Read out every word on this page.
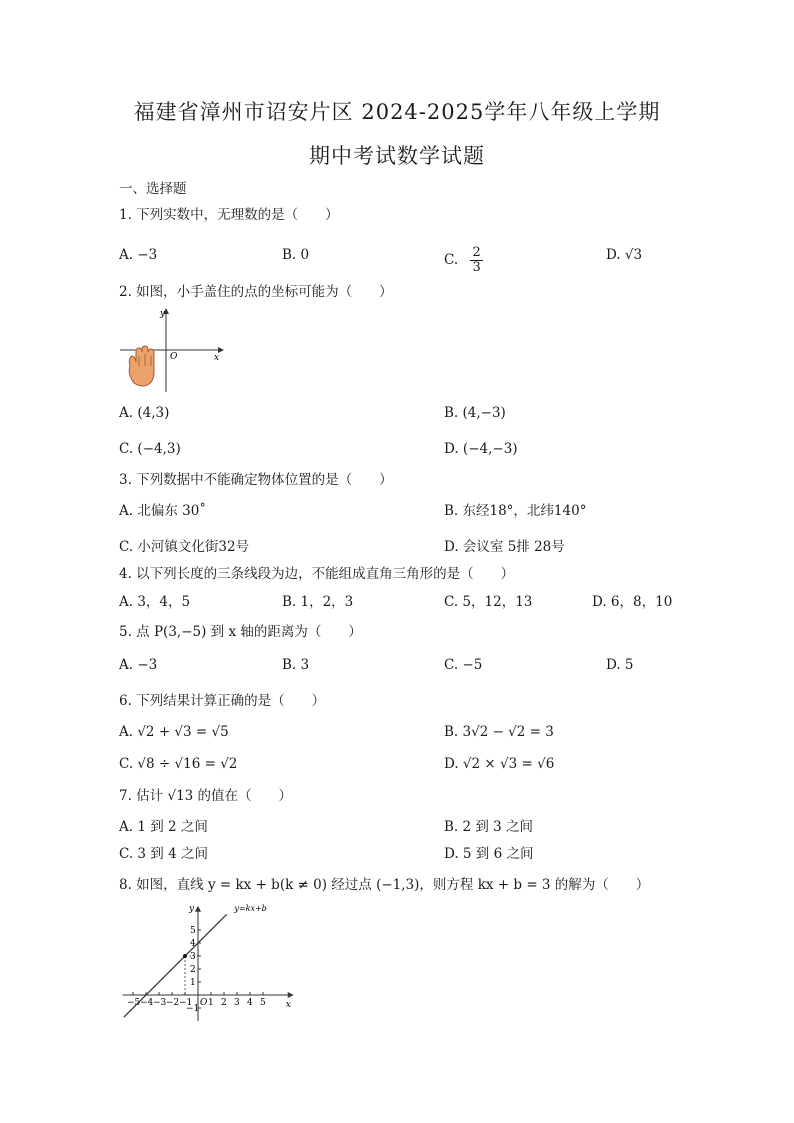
福建省漳州市诏安片区 2024-2025学年八年级上学期
期中考试数学试题
一、选择题
1. 下列实数中，无理数的是（　　）
A. −3	B. 0	C. $\frac{2}{3}$	D. √3
2. 如图，小手盖住的点的坐标可能为（　　）
y
x
O
A. (4,3)	B. (4,−3)
C. (−4,3)	D. (−4,−3)
3. 下列数据中不能确定物体位置的是（　　）
A. 北偏东 30˚	B. 东经18°，北纬140°
C. 小河镇文化街32号	D. 会议室 5排 28号
4. 以下列长度的三条线段为边，不能组成直角三角形的是（　　）
A. 3，4，5	B. 1，2，3	C. 5，12，13	D. 6，8，10
5. 点 P(3,−5) 到 x 轴的距离为（　　）
A. −3	B. 3	C. −5	D. 5
6. 下列结果计算正确的是（　　）
A. √2 + √3 = √5	B. 3√2 − √2 = 3
C. √8 ÷ √16 = √2	D. √2 × √3 = √6
7. 估计 √13 的值在（　　）
A. 1 到 2 之间	B. 2 到 3 之间
C. 3 到 4 之间	D. 5 到 6 之间
8. 如图，直线 y = kx + b(k ≠ 0) 经过点 (−1,3)，则方程 kx + b = 3 的解为（　　）
y
x
O
−5 −4 −3 −2 −1 1 2 3 4 5
5
4
3
2
1
−1
y=kx+b
